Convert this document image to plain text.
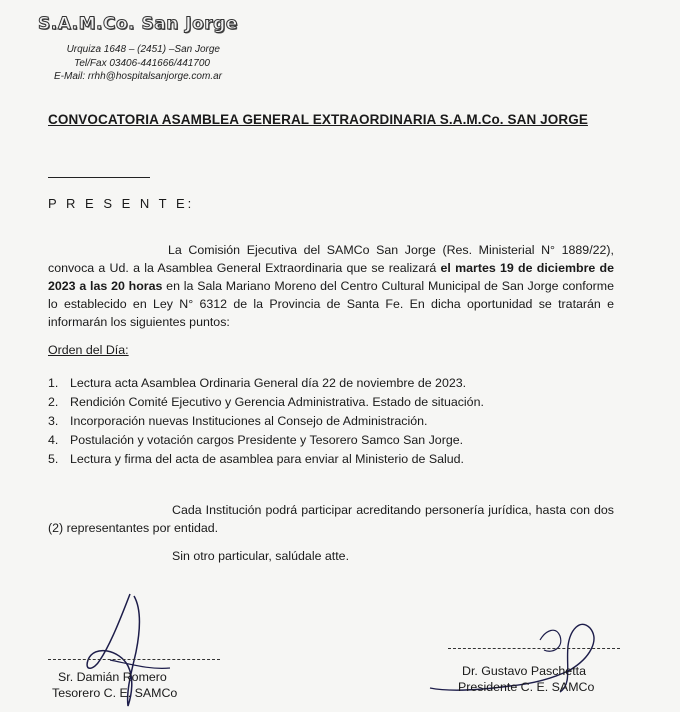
S.A.M.Co. San Jorge
Urquiza 1648 – (2451) –San Jorge
Tel/Fax 03406-441666/441700
E-Mail: rrhh@hospitalsanjorge.com.ar
CONVOCATORIA ASAMBLEA GENERAL EXTRAORDINARIA S.A.M.Co. SAN JORGE
P R E S E N T E:
La Comisión Ejecutiva del SAMCo San Jorge (Res. Ministerial N° 1889/22), convoca a Ud. a la Asamblea General Extraordinaria que se realizará el martes 19 de diciembre de 2023 a las 20 horas en la Sala Mariano Moreno del Centro Cultural Municipal de San Jorge conforme lo establecido en Ley N° 6312 de la Provincia de Santa Fe. En dicha oportunidad se tratarán e informarán los siguientes puntos:
Orden del Día:
1. Lectura acta Asamblea Ordinaria General día 22 de noviembre de 2023.
2. Rendición Comité Ejecutivo y Gerencia Administrativa. Estado de situación.
3. Incorporación nuevas Instituciones al Consejo de Administración.
4. Postulación y votación cargos Presidente y Tesorero Samco San Jorge.
5. Lectura y firma del acta de asamblea para enviar al Ministerio de Salud.
Cada Institución podrá participar acreditando personería jurídica, hasta con dos (2) representantes por entidad.
Sin otro particular, salúdale atte.
Sr. Damián Romero
Tesorero C. E. SAMCo
Dr. Gustavo Paschetta
Presidente C. E. SAMCo
